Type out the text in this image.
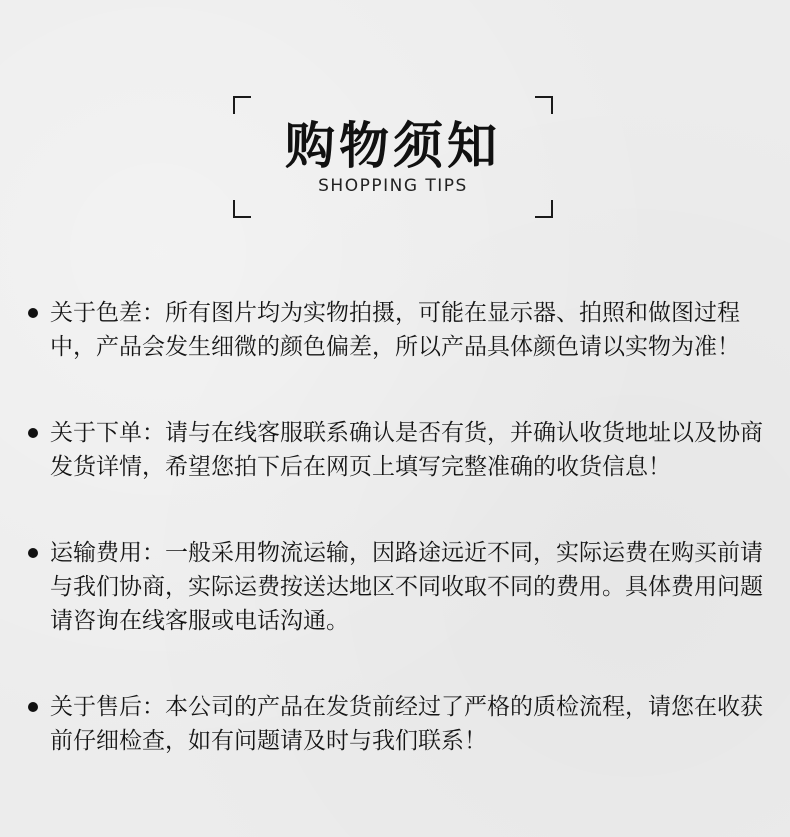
购物须知
SHOPPING TIPS
关于色差：所有图片均为实物拍摄，可能在显示器、拍照和做图过程中，产品会发生细微的颜色偏差，所以产品具体颜色请以实物为准！
关于下单：请与在线客服联系确认是否有货，并确认收货地址以及协商发货详情，希望您拍下后在网页上填写完整准确的收货信息！
运输费用：一般采用物流运输，因路途远近不同，实际运费在购买前请与我们协商，实际运费按送达地区不同收取不同的费用。具体费用问题请咨询在线客服或电话沟通。
关于售后：本公司的产品在发货前经过了严格的质检流程，请您在收获前仔细检查，如有问题请及时与我们联系！
